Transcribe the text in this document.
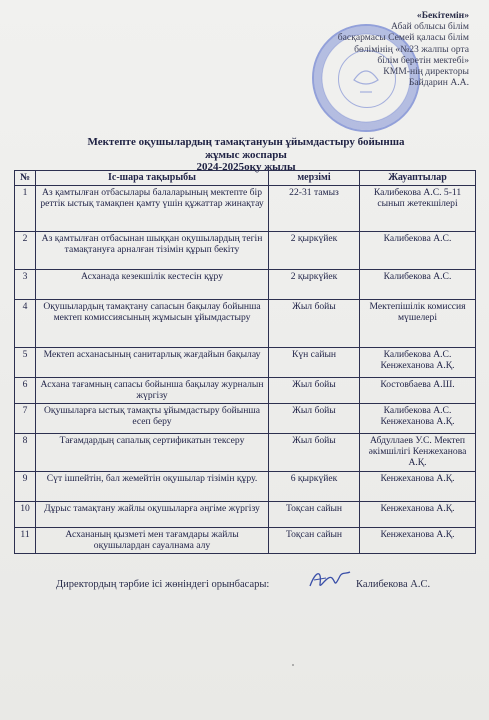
«Бекітемін»
Абай облысы білім
басқармасы Семей қаласы білім
бөлімінің «№23 жалпы орта
білім беретін мектебі»
КММ-нің директоры
Байдарин А.А.
Мектепте оқушылардың тамақтануын ұйымдастыру бойынша
жұмыс жоспары
2024-2025оқу жылы
№	Іс-шара тақырыбы	мерзімі	Жауаптылар
1	Аз қамтылған отбасылары балаларының мектепте бір реттік ыстық тамақпен қамту үшін құжаттар жинақтау	22-31 тамыз	Калибекова А.С. 5-11 сынып жетекшілері
2	Аз қамтылған отбасынан шыққан оқушылардың тегін тамақтануға арналған тізімін құрып бекіту	2 қыркүйек	Калибекова А.С.
3	Асханада кезекшілік кестесін құру	2 қыркүйек	Калибекова А.С.
4	Оқушылардың тамақтану сапасын бақылау бойынша мектеп комиссиясының жұмысын ұйымдастыру	Жыл бойы	Мектепішілік комиссия мүшелері
5	Мектеп асханасының санитарлық жағдайын бақылау	Күн сайын	Калибекова А.С. Кенжеханова А.Қ.
6	Асхана тағамның сапасы бойынша бақылау журналын жүргізу	Жыл бойы	Костовбаева А.Ш.
7	Оқушыларға ыстық тамақты ұйымдастыру бойынша есеп беру	Жыл бойы	Калибекова А.С. Кенжеханова А.Қ.
8	Тағамдардың сапалық сертификатын тексеру	Жыл бойы	Абдуллаев У.С. Мектеп әкімшілігі Кенжеханова А.Қ.
9	Сүт ішпейтін, бал жемейтін оқушылар тізімін құру.	6 қыркүйек	Кенжеханова А.Қ.
10	Дұрыс тамақтану жайлы оқушыларға әңгіме жүргізу	Тоқсан сайын	Кенжеханова А.Қ.
11	Асхананың қызметі мен тағамдары жайлы оқушылардан сауалнама алу	Тоқсан сайын	Кенжеханова А.Қ.
Директордың тәрбие ісі жөніндегі орынбасары:	Калибекова А.С.
